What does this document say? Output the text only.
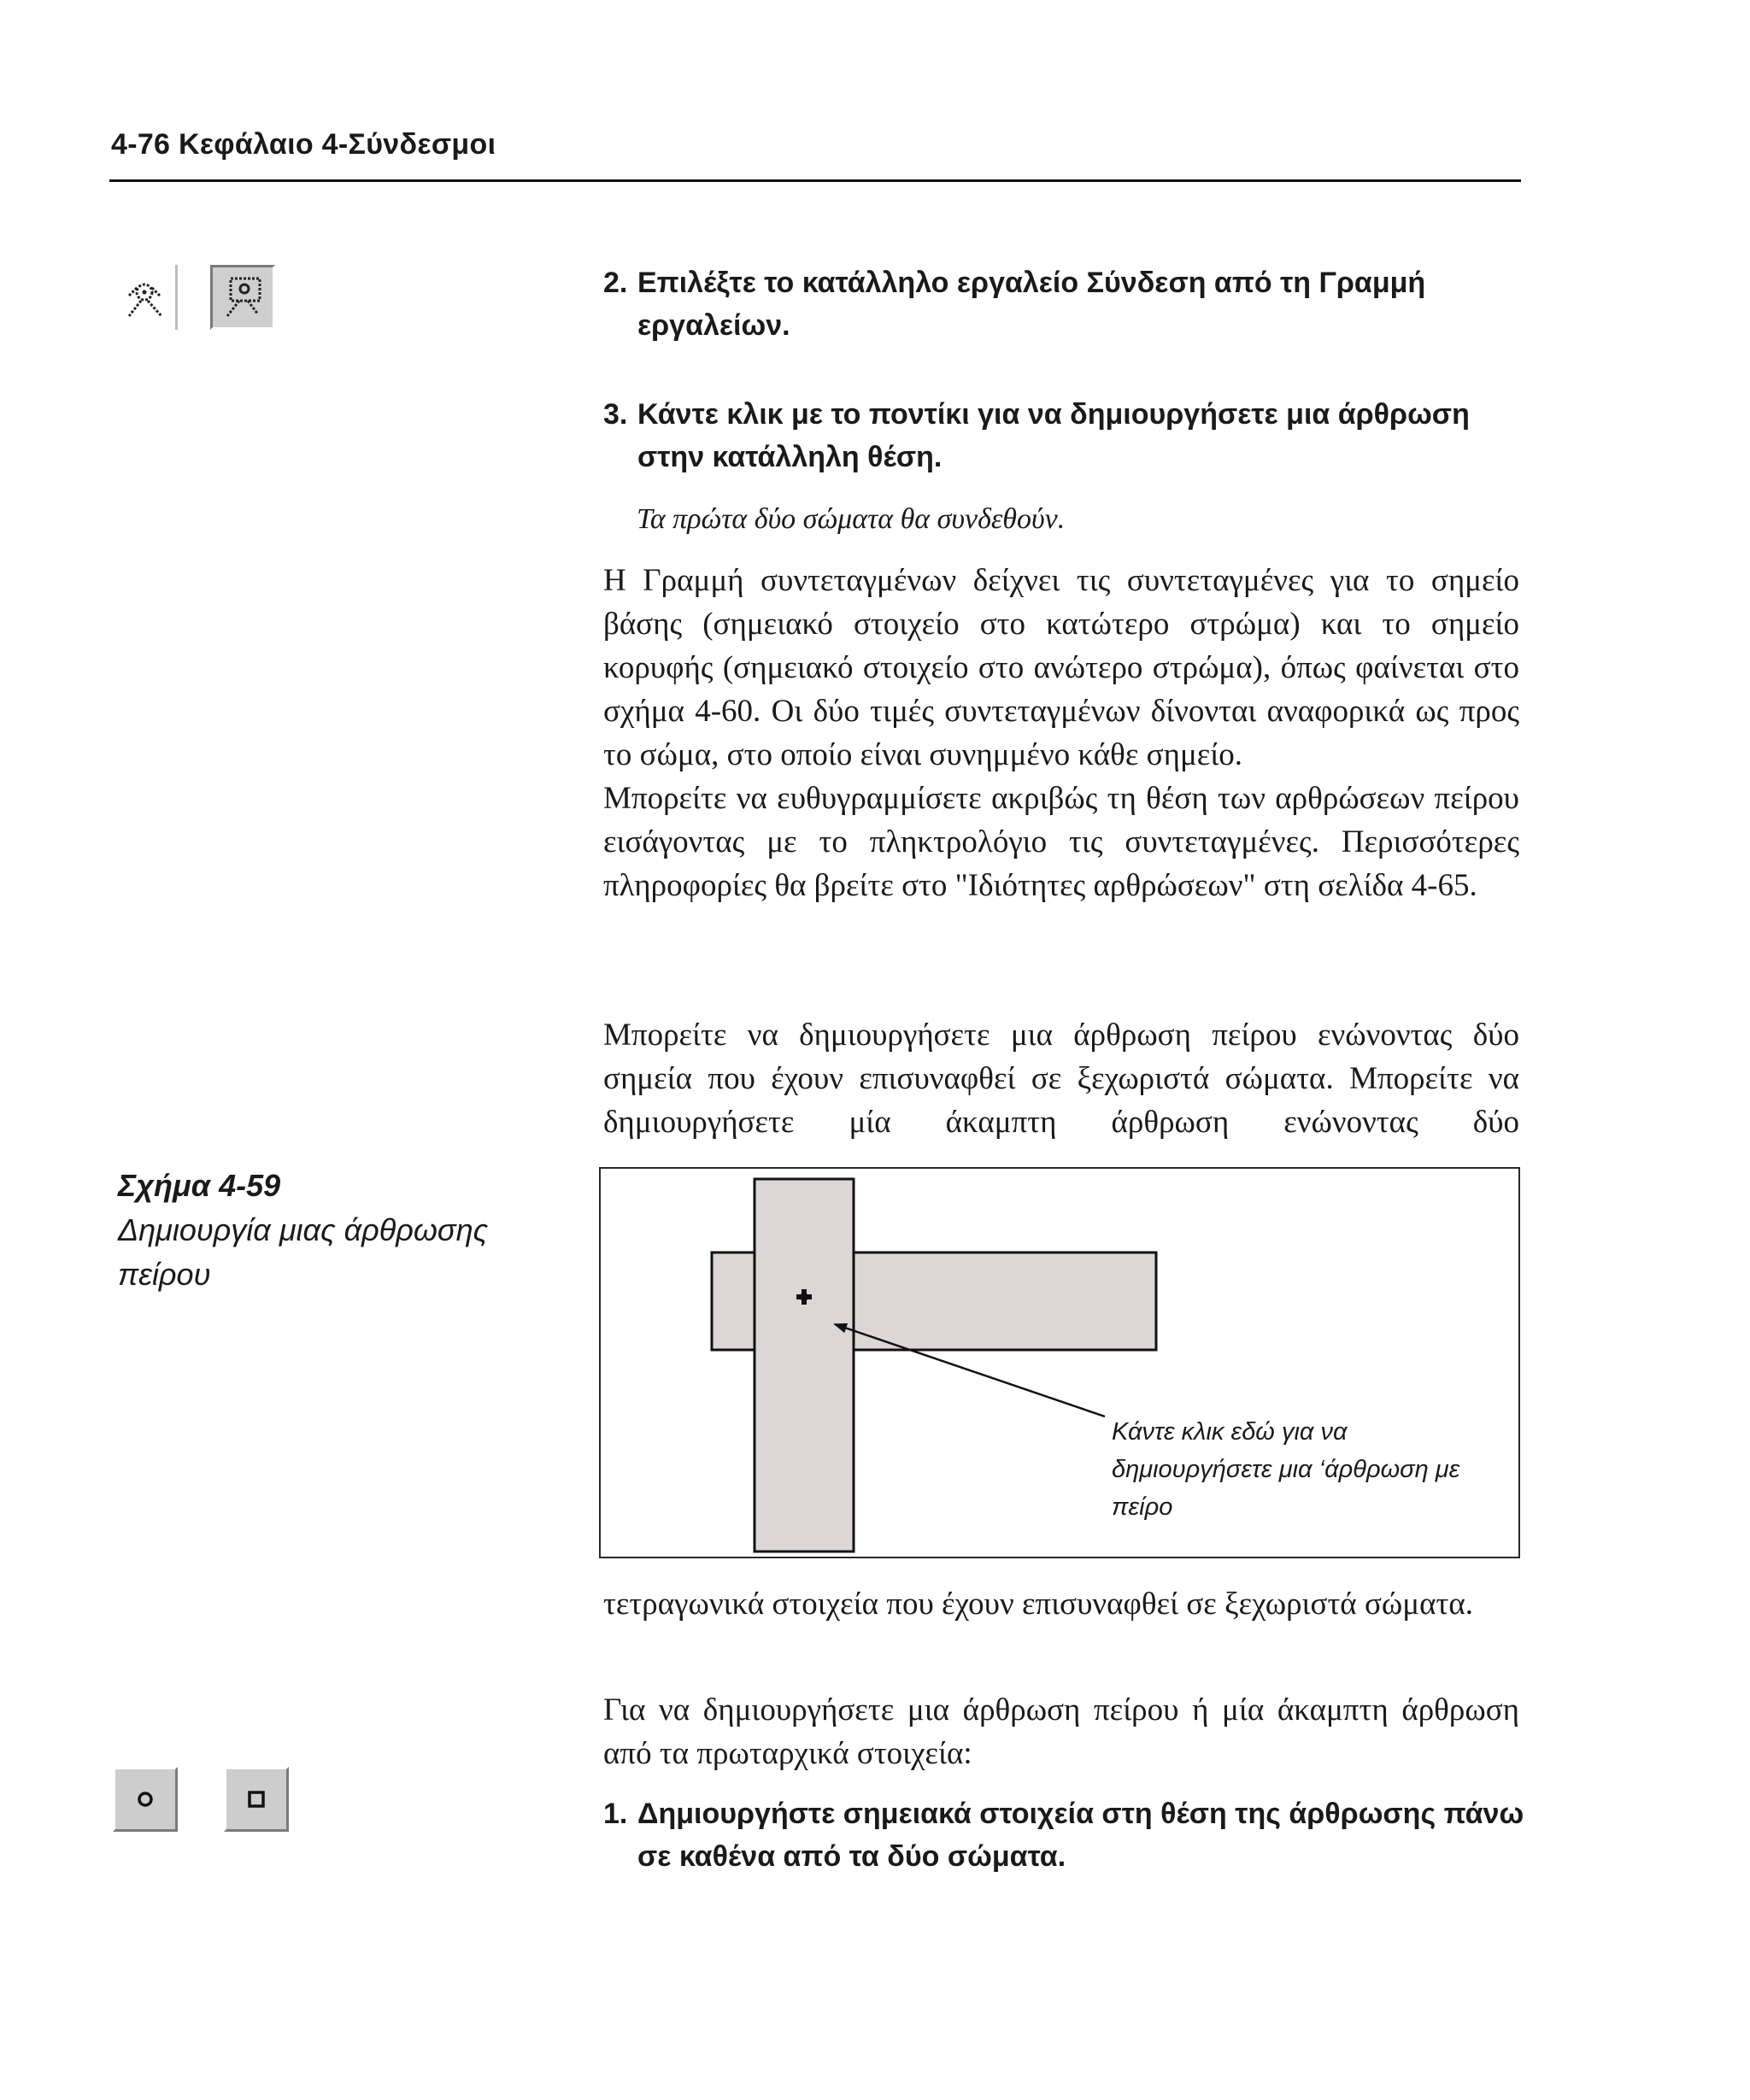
4-76 Κεφάλαιο 4-Σύνδεσμοι
2. Επιλέξτε το κατάλληλο εργαλείο Σύνδεση από τη Γραμμή εργαλείων.
3. Κάντε κλικ με το ποντίκι για να δημιουργήσετε μια άρθρωση στην κατάλληλη θέση.
Τα πρώτα δύο σώματα θα συνδεθούν.

Η Γραμμή συντεταγμένων δείχνει τις συντεταγμένες για το σημείο βάσης (σημειακό στοιχείο στο κατώτερο στρώμα) και το σημείο κορυφής (σημειακό στοιχείο στο ανώτερο στρώμα), όπως φαίνεται στο σχήμα 4-60. Οι δύο τιμές συντεταγμένων δίνονται αναφορικά ως προς το σώμα, στο οποίο είναι συνημμένο κάθε σημείο.

Μπορείτε να ευθυγραμμίσετε ακριβώς τη θέση των αρθρώσεων πείρου εισάγοντας με το πληκτρολόγιο τις συντεταγμένες. Περισσότερες πληροφορίες θα βρείτε στο "Ιδιότητες αρθρώσεων" στη σελίδα 4-65.

Μπορείτε να δημιουργήσετε μια άρθρωση πείρου ενώνοντας δύο σημεία που έχουν επισυναφθεί σε ξεχωριστά σώματα. Μπορείτε να δημιουργήσετε μία άκαμπτη άρθρωση ενώνοντας δύο
Σχήμα 4-59
Δημιουργία μιας άρθρωσης πείρου
Κάντε κλικ εδώ για να δημιουργήσετε μια ‘άρθρωση με πείρο
τετραγωνικά στοιχεία που έχουν επισυναφθεί σε ξεχωριστά σώματα.
Για να δημιουργήσετε μια άρθρωση πείρου ή μία άκαμπτη άρθρωση από τα πρωταρχικά στοιχεία:
1. Δημιουργήστε σημειακά στοιχεία στη θέση της άρθρωσης πάνω σε καθένα από τα δύο σώματα.
